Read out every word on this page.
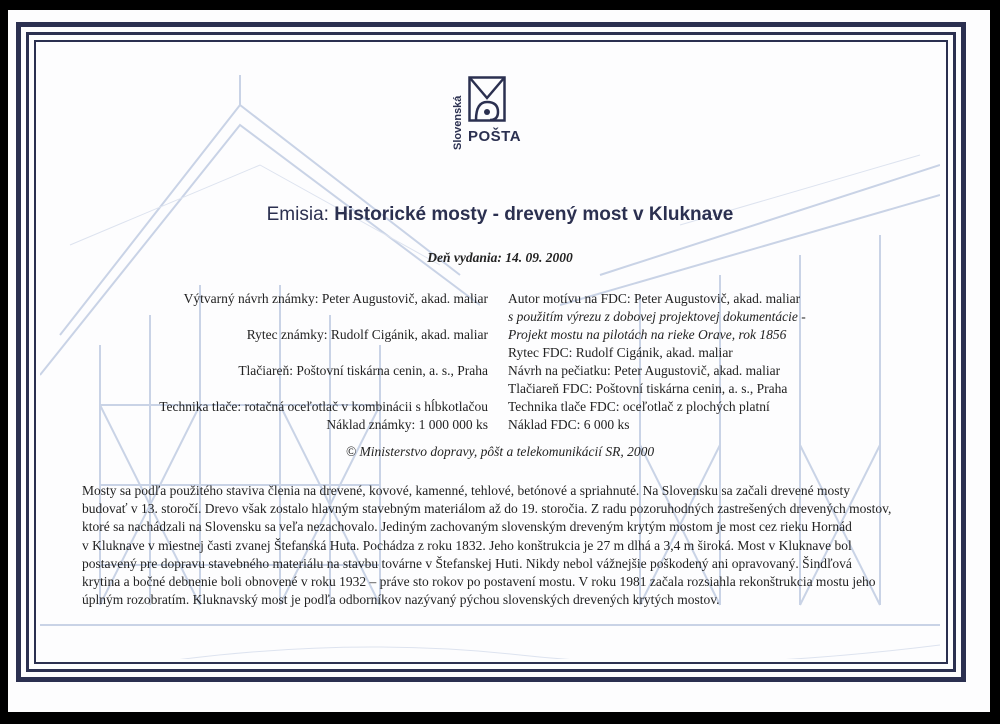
Slovenská POŠTA
Emisia: Historické mosty - drevený most v Kluknave
Deň vydania: 14. 09. 2000
Výtvarný návrh známky: Peter Augustovič, akad. maliar
Rytec známky: Rudolf Cigánik, akad. maliar
Tlačiareň: Poštovní tiskárna cenin, a. s., Praha
Technika tlače: rotačná oceľotlač v kombinácii s hĺbkotlačou
Náklad známky: 1 000 000 ks
Autor motívu na FDC: Peter Augustovič, akad. maliar
s použitím výrezu z dobovej projektovej dokumentácie -
Projekt mostu na pilotách na rieke Orave, rok 1856
Rytec FDC: Rudolf Cigánik, akad. maliar
Návrh na pečiatku: Peter Augustovič, akad. maliar
Tlačiareň FDC: Poštovní tiskárna cenin, a. s., Praha
Technika tlače FDC: oceľotlač z plochých platní
Náklad FDC: 6 000 ks
© Ministerstvo dopravy, pôšt a telekomunikácií SR, 2000
Mosty sa podľa použitého staviva členia na drevené, kovové, kamenné, tehlové, betónové a spriahnuté. Na Slovensku sa začali drevené mosty
budovať v 13. storočí. Drevo však zostalo hlavným stavebným materiálom až do 19. storočia. Z radu pozoruhodných zastrešených drevených mostov,
ktoré sa nachádzali na Slovensku sa veľa nezachovalo. Jediným zachovaným slovenským dreveným krytým mostom je most cez rieku Hornád
v Kluknave v miestnej časti zvanej Štefanská Huta. Pochádza z roku 1832. Jeho konštrukcia je 27 m dlhá a 3,4 m široká. Most v Kluknave bol
postavený pre dopravu stavebného materiálu na stavbu továrne v Štefanskej Huti. Nikdy nebol vážnejšie poškodený ani opravovaný. Šindľová
krytina a bočné debnenie boli obnovené v roku 1932 – práve sto rokov po postavení mostu. V roku 1981 začala rozsiahla rekonštrukcia mostu jeho
úplným rozobratím. Kluknavský most je podľa odborníkov nazývaný pýchou slovenských drevených krytých mostov.
